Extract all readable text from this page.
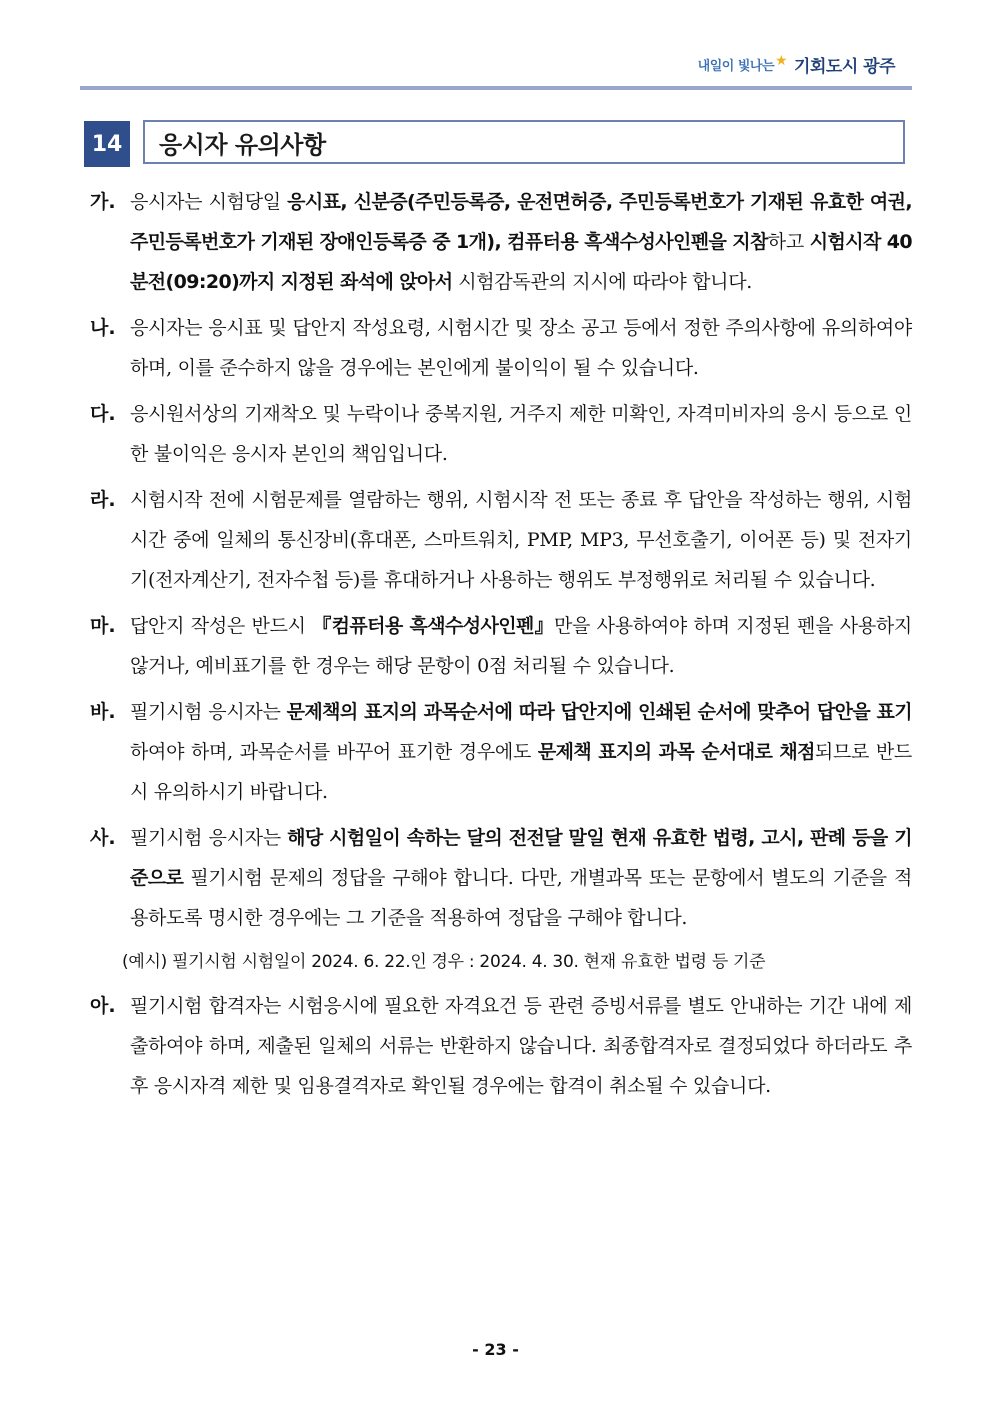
내일이 빛나는 ★ 기회도시 광주
14	응시자 유의사항
가. 응시자는 시험당일 응시표, 신분증(주민등록증, 운전면허증, 주민등록번호가 기재된 유효한 여권, 주민등록번호가 기재된 장애인등록증 중 1개), 컴퓨터용 흑색수성사인펜을 지참하고 시험시작 40분전(09:20)까지 지정된 좌석에 앉아서 시험감독관의 지시에 따라야 합니다.
나. 응시자는 응시표 및 답안지 작성요령, 시험시간 및 장소 공고 등에서 정한 주의사항에 유의하여야 하며, 이를 준수하지 않을 경우에는 본인에게 불이익이 될 수 있습니다.
다. 응시원서상의 기재착오 및 누락이나 중복지원, 거주지 제한 미확인, 자격미비자의 응시 등으로 인한 불이익은 응시자 본인의 책임입니다.
라. 시험시작 전에 시험문제를 열람하는 행위, 시험시작 전 또는 종료 후 답안을 작성하는 행위, 시험시간 중에 일체의 통신장비(휴대폰, 스마트워치, PMP, MP3, 무선호출기, 이어폰 등) 및 전자기기(전자계산기, 전자수첩 등)를 휴대하거나 사용하는 행위도 부정행위로 처리될 수 있습니다.
마. 답안지 작성은 반드시 『컴퓨터용 흑색수성사인펜』만을 사용하여야 하며 지정된 펜을 사용하지 않거나, 예비표기를 한 경우는 해당 문항이 0점 처리될 수 있습니다.
바. 필기시험 응시자는 문제책의 표지의 과목순서에 따라 답안지에 인쇄된 순서에 맞추어 답안을 표기하여야 하며, 과목순서를 바꾸어 표기한 경우에도 문제책 표지의 과목 순서대로 채점되므로 반드시 유의하시기 바랍니다.
사. 필기시험 응시자는 해당 시험일이 속하는 달의 전전달 말일 현재 유효한 법령, 고시, 판례 등을 기준으로 필기시험 문제의 정답을 구해야 합니다. 다만, 개별과목 또는 문항에서 별도의 기준을 적용하도록 명시한 경우에는 그 기준을 적용하여 정답을 구해야 합니다.
(예시) 필기시험 시험일이 2024. 6. 22.인 경우 : 2024. 4. 30. 현재 유효한 법령 등 기준
아. 필기시험 합격자는 시험응시에 필요한 자격요건 등 관련 증빙서류를 별도 안내하는 기간 내에 제출하여야 하며, 제출된 일체의 서류는 반환하지 않습니다. 최종합격자로 결정되었다 하더라도 추후 응시자격 제한 및 임용결격자로 확인될 경우에는 합격이 취소될 수 있습니다.
- 23 -
